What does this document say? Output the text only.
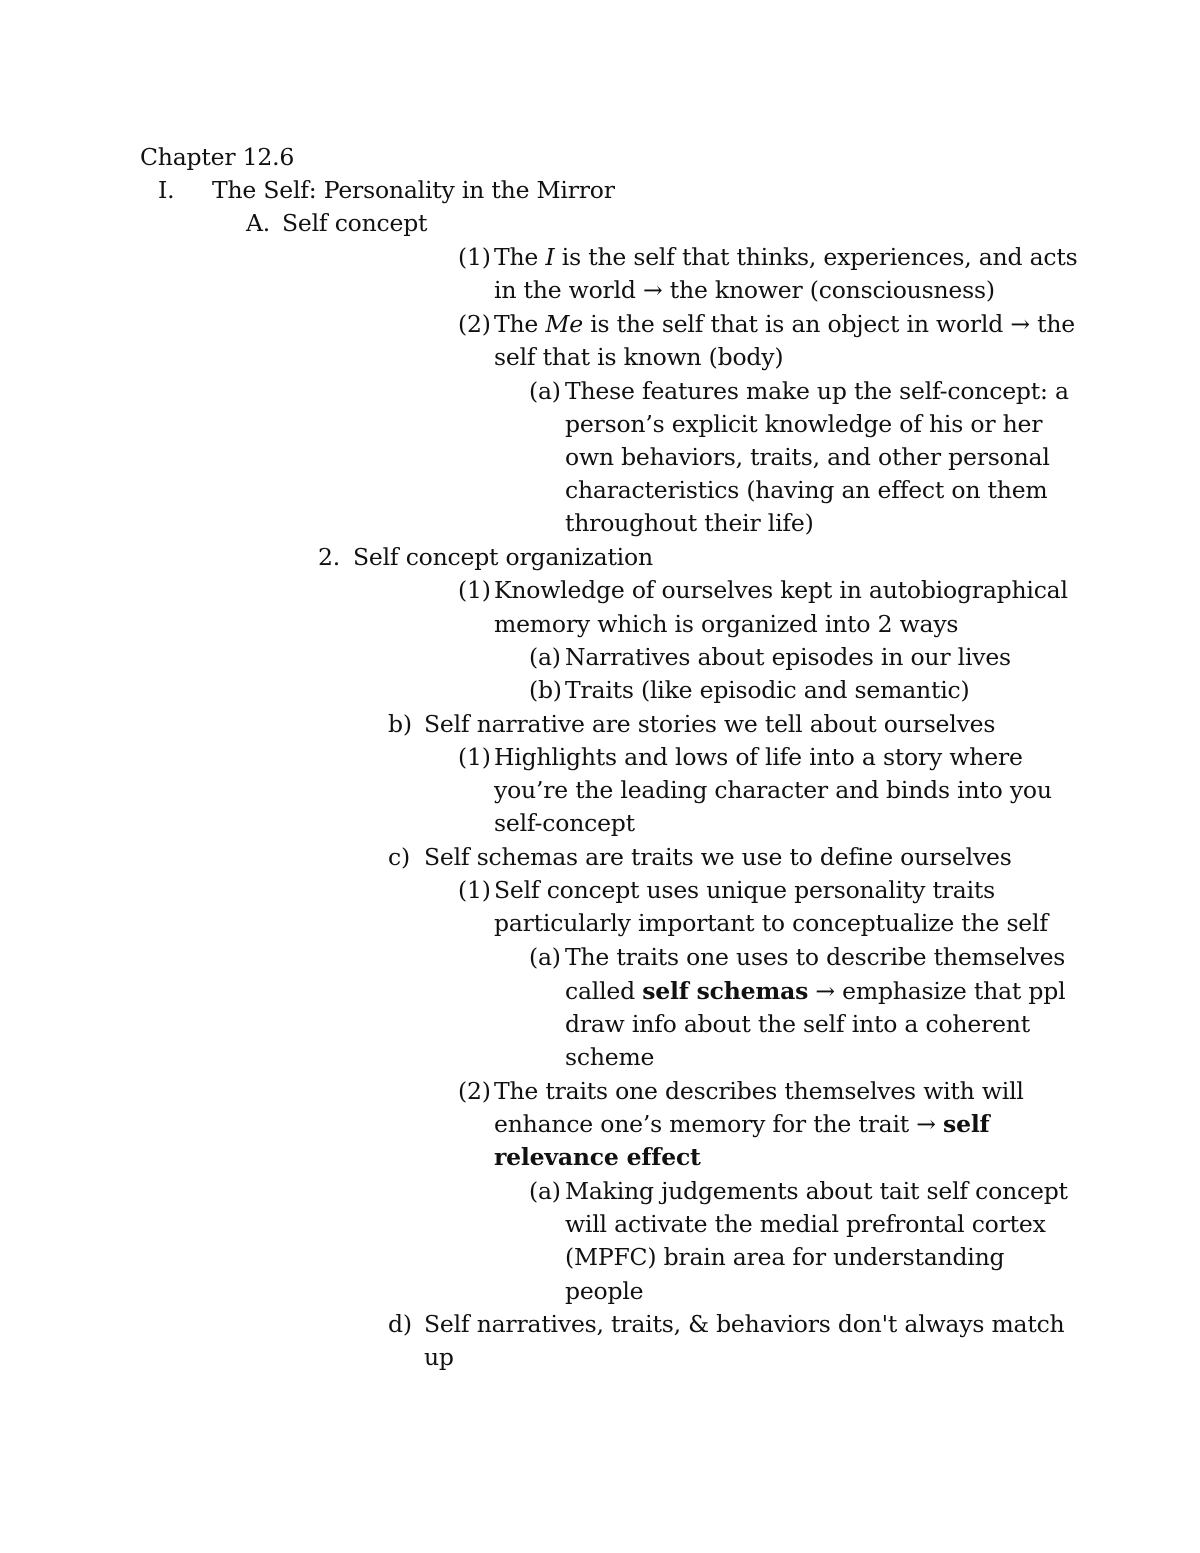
Chapter 12.6
I. The Self: Personality in the Mirror
A. Self concept
(1) The I is the self that thinks, experiences, and acts
in the world → the knower (consciousness)
(2) The Me is the self that is an object in world → the
self that is known (body)
(a) These features make up the self-concept: a
person’s explicit knowledge of his or her
own behaviors, traits, and other personal
characteristics (having an effect on them
throughout their life)
2. Self concept organization
(1) Knowledge of ourselves kept in autobiographical
memory which is organized into 2 ways
(a) Narratives about episodes in our lives
(b) Traits (like episodic and semantic)
b) Self narrative are stories we tell about ourselves
(1) Highlights and lows of life into a story where
you’re the leading character and binds into you
self-concept
c) Self schemas are traits we use to define ourselves
(1) Self concept uses unique personality traits
particularly important to conceptualize the self
(a) The traits one uses to describe themselves
called self schemas → emphasize that ppl
draw info about the self into a coherent
scheme
(2) The traits one describes themselves with will
enhance one’s memory for the trait → self
relevance effect
(a) Making judgements about tait self concept
will activate the medial prefrontal cortex
(MPFC) brain area for understanding
people
d) Self narratives, traits, & behaviors don't always match
up
